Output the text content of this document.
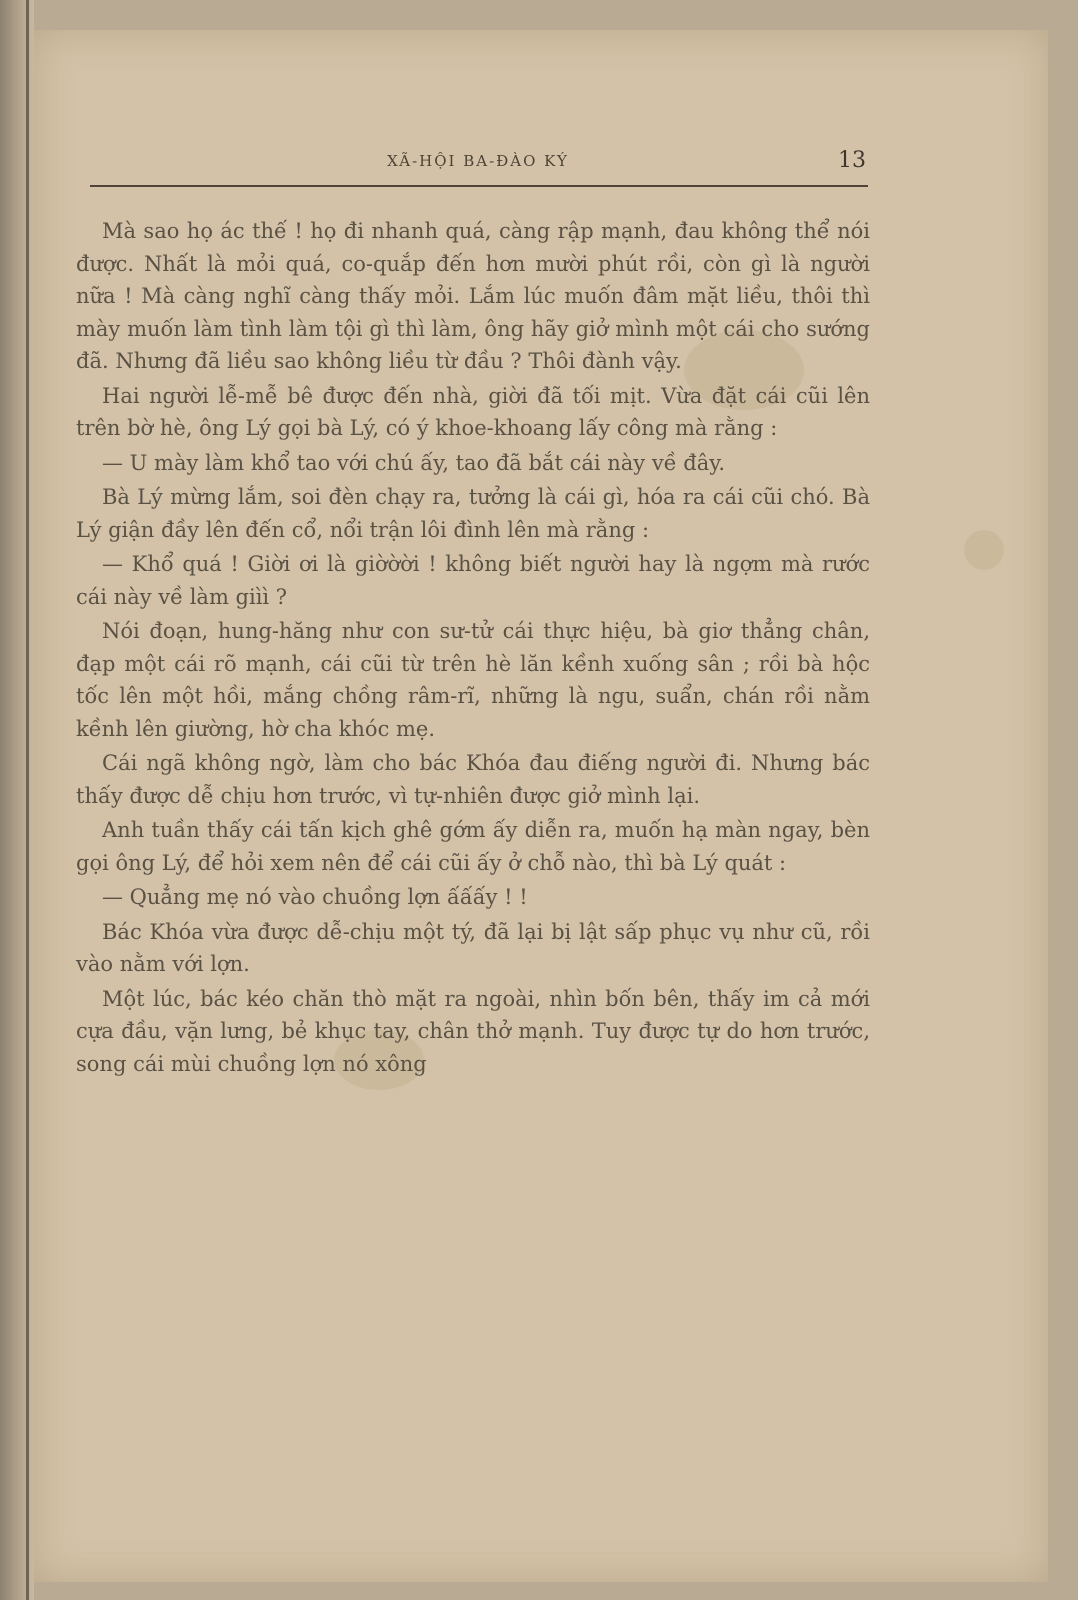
XÃ-HỘI BA-ĐÀO KÝ	13

Mà sao họ ác thế ! họ đi nhanh quá, càng rập mạnh, đau không thể nói được. Nhất là mỏi quá, co-quắp đến hơn mười phút rồi, còn gì là người nữa ! Mà càng nghĩ càng thấy mỏi. Lắm lúc muốn đâm mặt liều, thôi thì mày muốn làm tình làm tội gì thì làm, ông hãy giở mình một cái cho sướng đã. Nhưng đã liều sao không liều từ đầu ? Thôi đành vậy.

Hai người lễ-mễ bê được đến nhà, giời đã tối mịt. Vừa đặt cái cũi lên trên bờ hè, ông Lý gọi bà Lý, có ý khoe-khoang lấy công mà rằng :

— U mày làm khổ tao với chú ấy, tao đã bắt cái này về đây.

Bà Lý mừng lắm, soi đèn chạy ra, tưởng là cái gì, hóa ra cái cũi chó. Bà Lý giận đầy lên đến cổ, nổi trận lôi đình lên mà rằng :

— Khổ quá ! Giời ơi là giờờời ! không biết người hay là ngợm mà rước cái này về làm giìì ?

Nói đoạn, hung-hăng như con sư-tử cái thực hiệu, bà giơ thẳng chân, đạp một cái rõ mạnh, cái cũi từ trên hè lăn kềnh xuống sân ; rồi bà hộc tốc lên một hồi, mắng chồng râm-rĩ, những là ngu, suẩn, chán rồi nằm kềnh lên giường, hờ cha khóc mẹ.

Cái ngã không ngờ, làm cho bác Khóa đau điếng người đi. Nhưng bác thấy được dễ chịu hơn trước, vì tự-nhiên được giở mình lại.

Anh tuần thấy cái tấn kịch ghê gớm ấy diễn ra, muốn hạ màn ngay, bèn gọi ông Lý, để hỏi xem nên để cái cũi ấy ở chỗ nào, thì bà Lý quát :

— Quẳng mẹ nó vào chuồng lợn ấấấy ! !

Bác Khóa vừa được dễ-chịu một tý, đã lại bị lật sấp phục vụ như cũ, rồi vào nằm với lợn.

Một lúc, bác kéo chăn thò mặt ra ngoài, nhìn bốn bên, thấy im cả mới cựa đầu, vặn lưng, bẻ khục tay, chân thở mạnh. Tuy được tự do hơn trước, song cái mùi chuồng lợn nó xông
